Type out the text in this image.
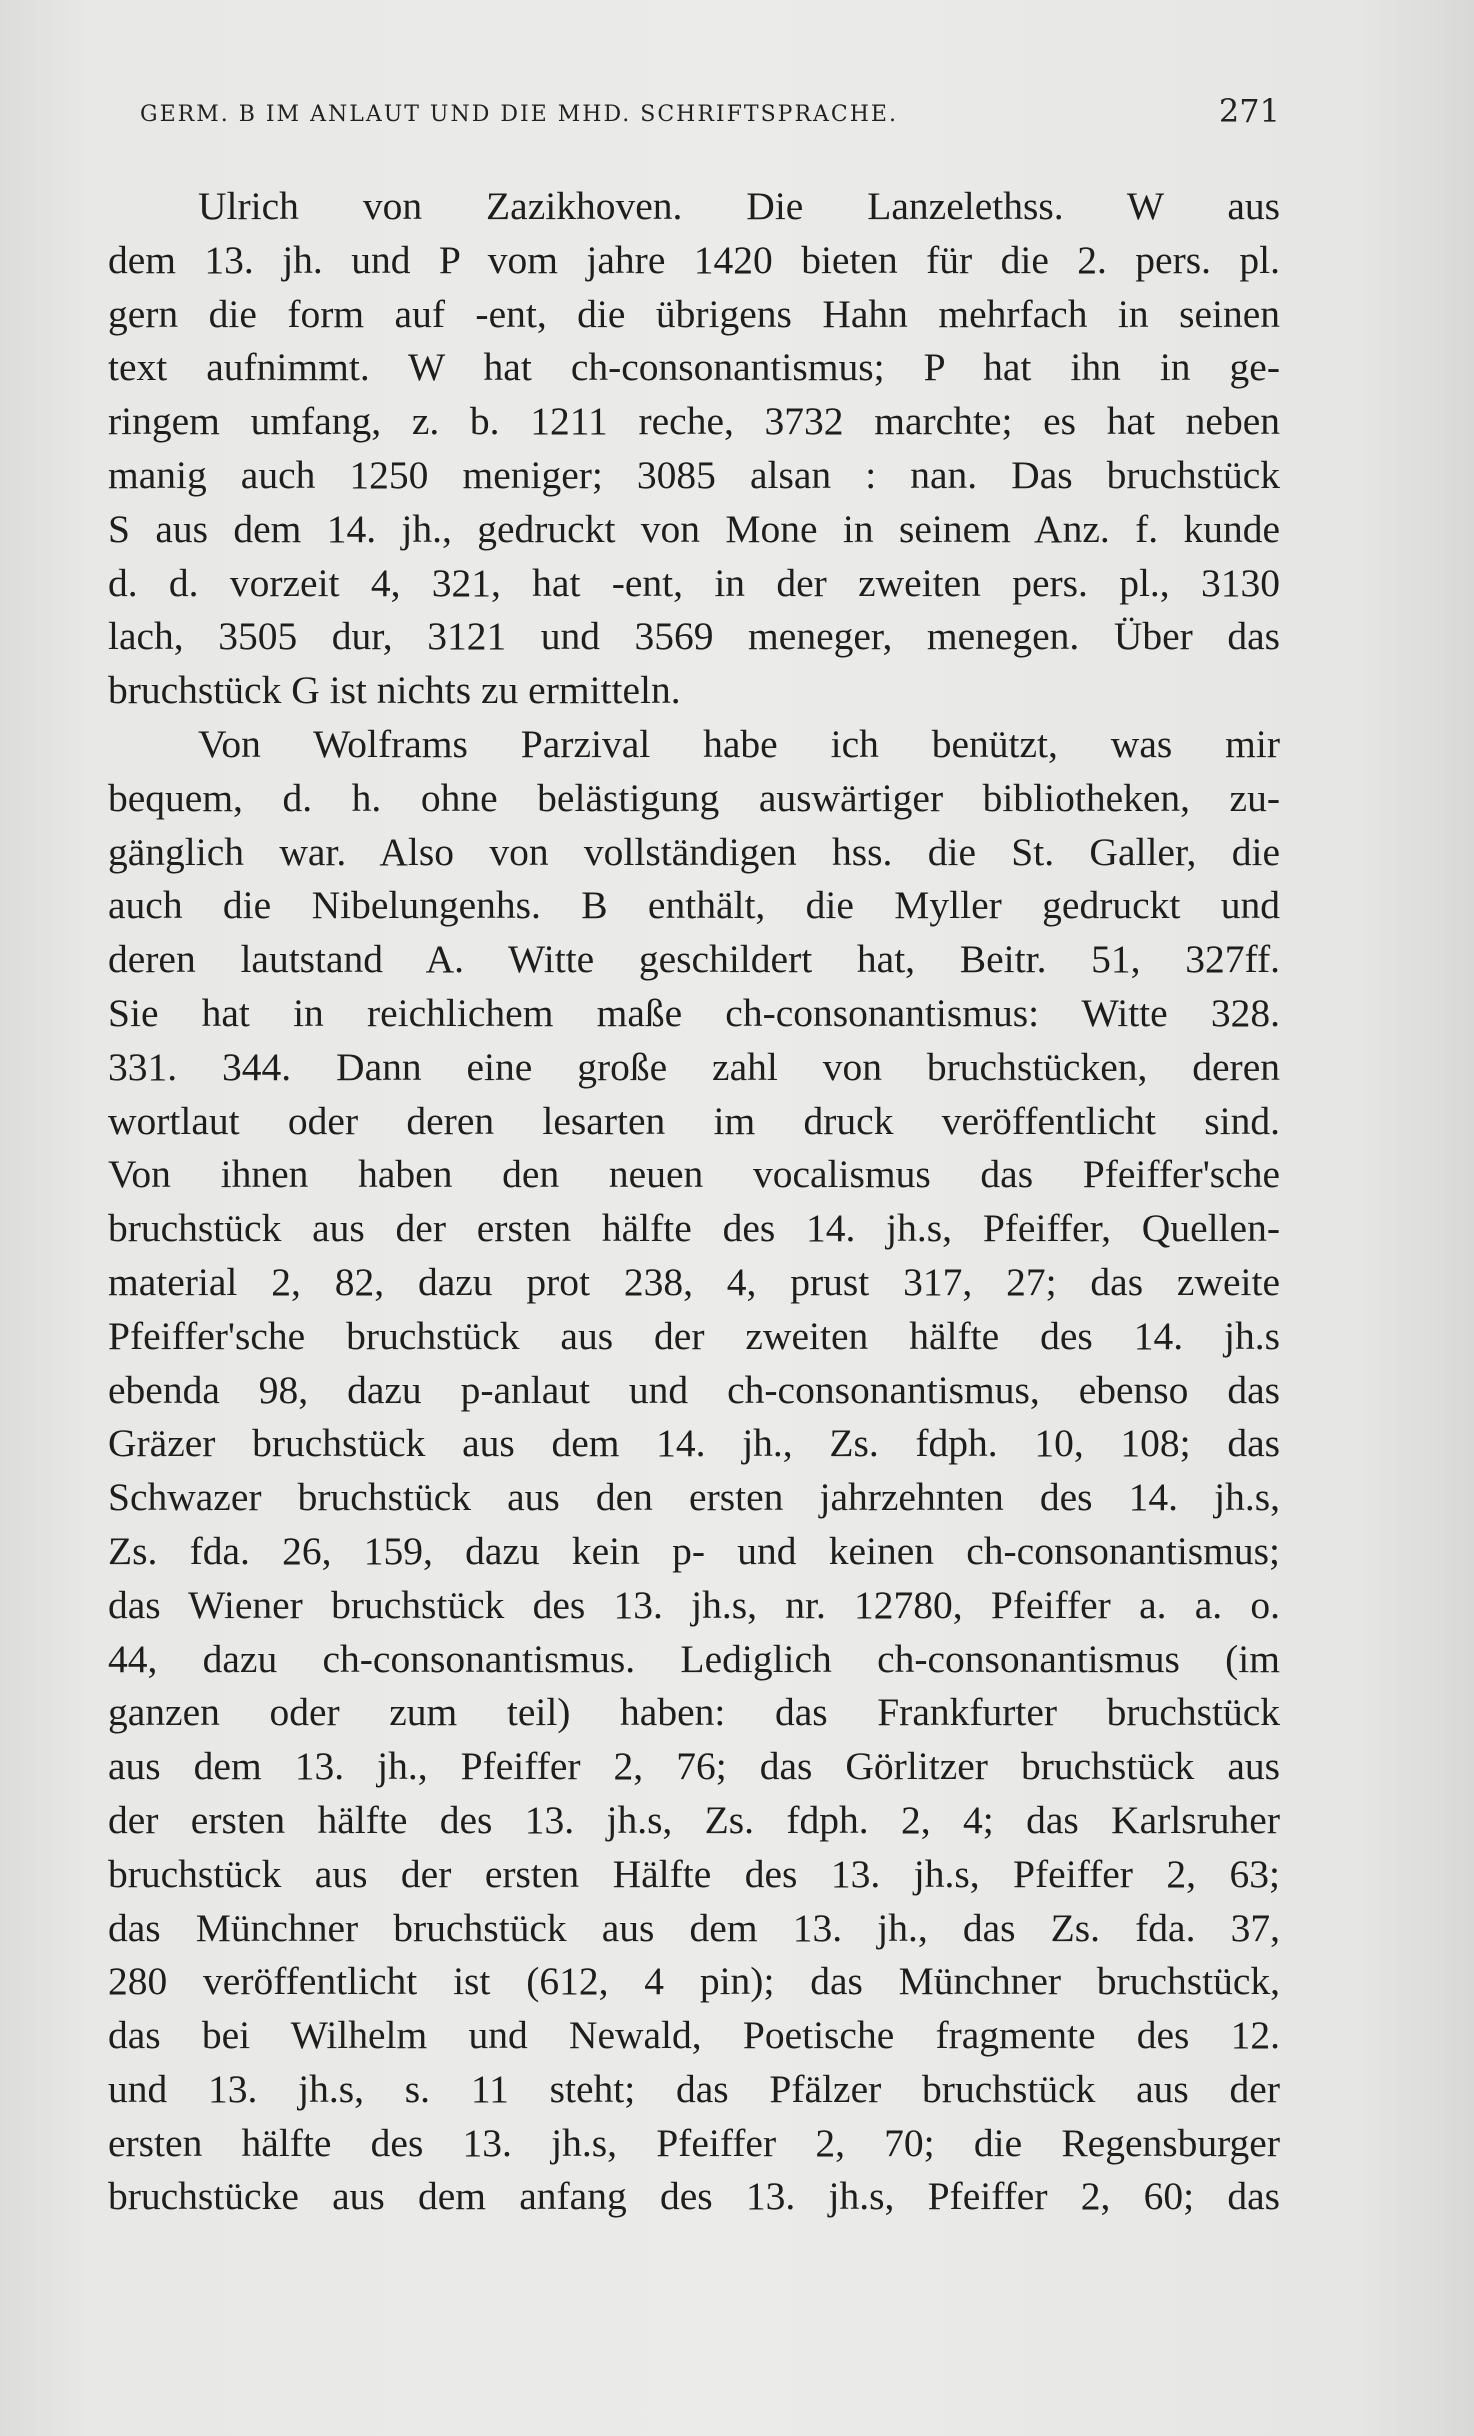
GERM. B IM ANLAUT UND DIE MHD. SCHRIFTSPRACHE.	271
Ulrich von Zazikhoven. Die Lanzelethss. W aus
dem 13. jh. und P vom jahre 1420 bieten für die 2. pers. pl.
gern die form auf -ent, die übrigens Hahn mehrfach in seinen
text aufnimmt. W hat ch-consonantismus; P hat ihn in ge-
ringem umfang, z. b. 1211 reche, 3732 marchte; es hat neben
manig auch 1250 meniger; 3085 alsan : nan. Das bruchstück
S aus dem 14. jh., gedruckt von Mone in seinem Anz. f. kunde
d. d. vorzeit 4, 321, hat -ent, in der zweiten pers. pl., 3130
lach, 3505 dur, 3121 und 3569 meneger, menegen. Über das
bruchstück G ist nichts zu ermitteln.
Von Wolframs Parzival habe ich benützt, was mir
bequem, d. h. ohne belästigung auswärtiger bibliotheken, zu-
gänglich war. Also von vollständigen hss. die St. Galler, die
auch die Nibelungenhs. B enthält, die Myller gedruckt und
deren lautstand A. Witte geschildert hat, Beitr. 51, 327ff.
Sie hat in reichlichem maße ch-consonantismus: Witte 328.
331. 344. Dann eine große zahl von bruchstücken, deren
wortlaut oder deren lesarten im druck veröffentlicht sind.
Von ihnen haben den neuen vocalismus das Pfeiffer'sche
bruchstück aus der ersten hälfte des 14. jh.s, Pfeiffer, Quellen-
material 2, 82, dazu prot 238, 4, prust 317, 27; das zweite
Pfeiffer'sche bruchstück aus der zweiten hälfte des 14. jh.s
ebenda 98, dazu p-anlaut und ch-consonantismus, ebenso das
Gräzer bruchstück aus dem 14. jh., Zs. fdph. 10, 108; das
Schwazer bruchstück aus den ersten jahrzehnten des 14. jh.s,
Zs. fda. 26, 159, dazu kein p- und keinen ch-consonantismus;
das Wiener bruchstück des 13. jh.s, nr. 12780, Pfeiffer a. a. o.
44, dazu ch-consonantismus. Lediglich ch-consonantismus (im
ganzen oder zum teil) haben: das Frankfurter bruchstück
aus dem 13. jh., Pfeiffer 2, 76; das Görlitzer bruchstück aus
der ersten hälfte des 13. jh.s, Zs. fdph. 2, 4; das Karlsruher
bruchstück aus der ersten Hälfte des 13. jh.s, Pfeiffer 2, 63;
das Münchner bruchstück aus dem 13. jh., das Zs. fda. 37,
280 veröffentlicht ist (612, 4 pin); das Münchner bruchstück,
das bei Wilhelm und Newald, Poetische fragmente des 12.
und 13. jh.s, s. 11 steht; das Pfälzer bruchstück aus der
ersten hälfte des 13. jh.s, Pfeiffer 2, 70; die Regensburger
bruchstücke aus dem anfang des 13. jh.s, Pfeiffer 2, 60; das
